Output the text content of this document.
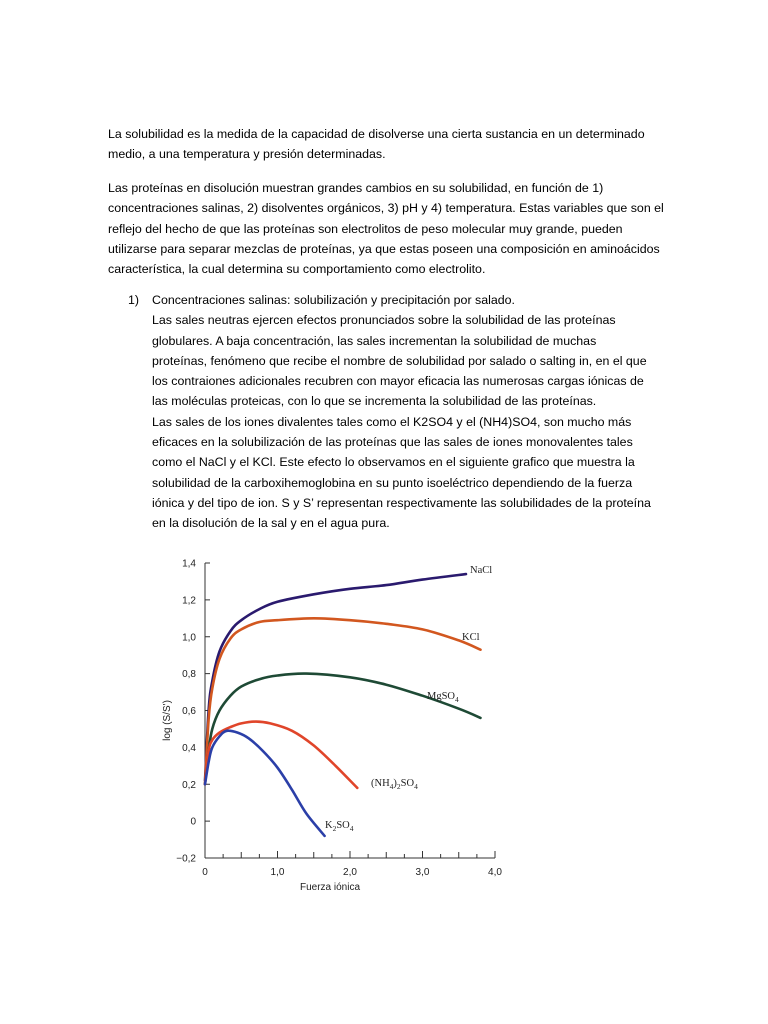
La solubilidad es la medida de la capacidad de disolverse una cierta sustancia en un determinado medio, a una temperatura y presión determinadas.

Las proteínas en disolución muestran grandes cambios en su solubilidad, en función de 1) concentraciones salinas, 2) disolventes orgánicos, 3) pH y 4) temperatura. Estas variables que son el reflejo del hecho de que las proteínas son electrolitos de peso molecular muy grande, pueden utilizarse para separar mezclas de proteínas, ya que estas poseen una composición en aminoácidos característica, la cual determina su comportamiento como electrolito.

1) Concentraciones salinas: solubilización y precipitación por salado.
Las sales neutras ejercen efectos pronunciados sobre la solubilidad de las proteínas
globulares. A baja concentración, las sales incrementan la solubilidad de muchas
proteínas, fenómeno que recibe el nombre de solubilidad por salado o salting in, en el que
los contraiones adicionales recubren con mayor eficacia las numerosas cargas iónicas de
las moléculas proteicas, con lo que se incrementa la solubilidad de las proteínas.
Las sales de los iones divalentes tales como el K2SO4 y el (NH4)SO4, son mucho más
eficaces en la solubilización de las proteínas que las sales de iones monovalentes tales
como el NaCl y el KCl. Este efecto lo observamos en el siguiente grafico que muestra la
solubilidad de la carboxihemoglobina en su punto isoeléctrico dependiendo de la fuerza
iónica y del tipo de ion. S y S’ representan respectivamente las solubilidades de la proteína
en la disolución de la sal y en el agua pura.
−0,2
0
0,2
0,4
0,6
0,8
1,0
1,2
1,4
0	1,0	2,0	3,0	4,0
Fuerza iónica
log (S/S')
NaCl
KCl
MgSO$_4$
$(NH_4)_2SO_4$
$K_2SO_4$
